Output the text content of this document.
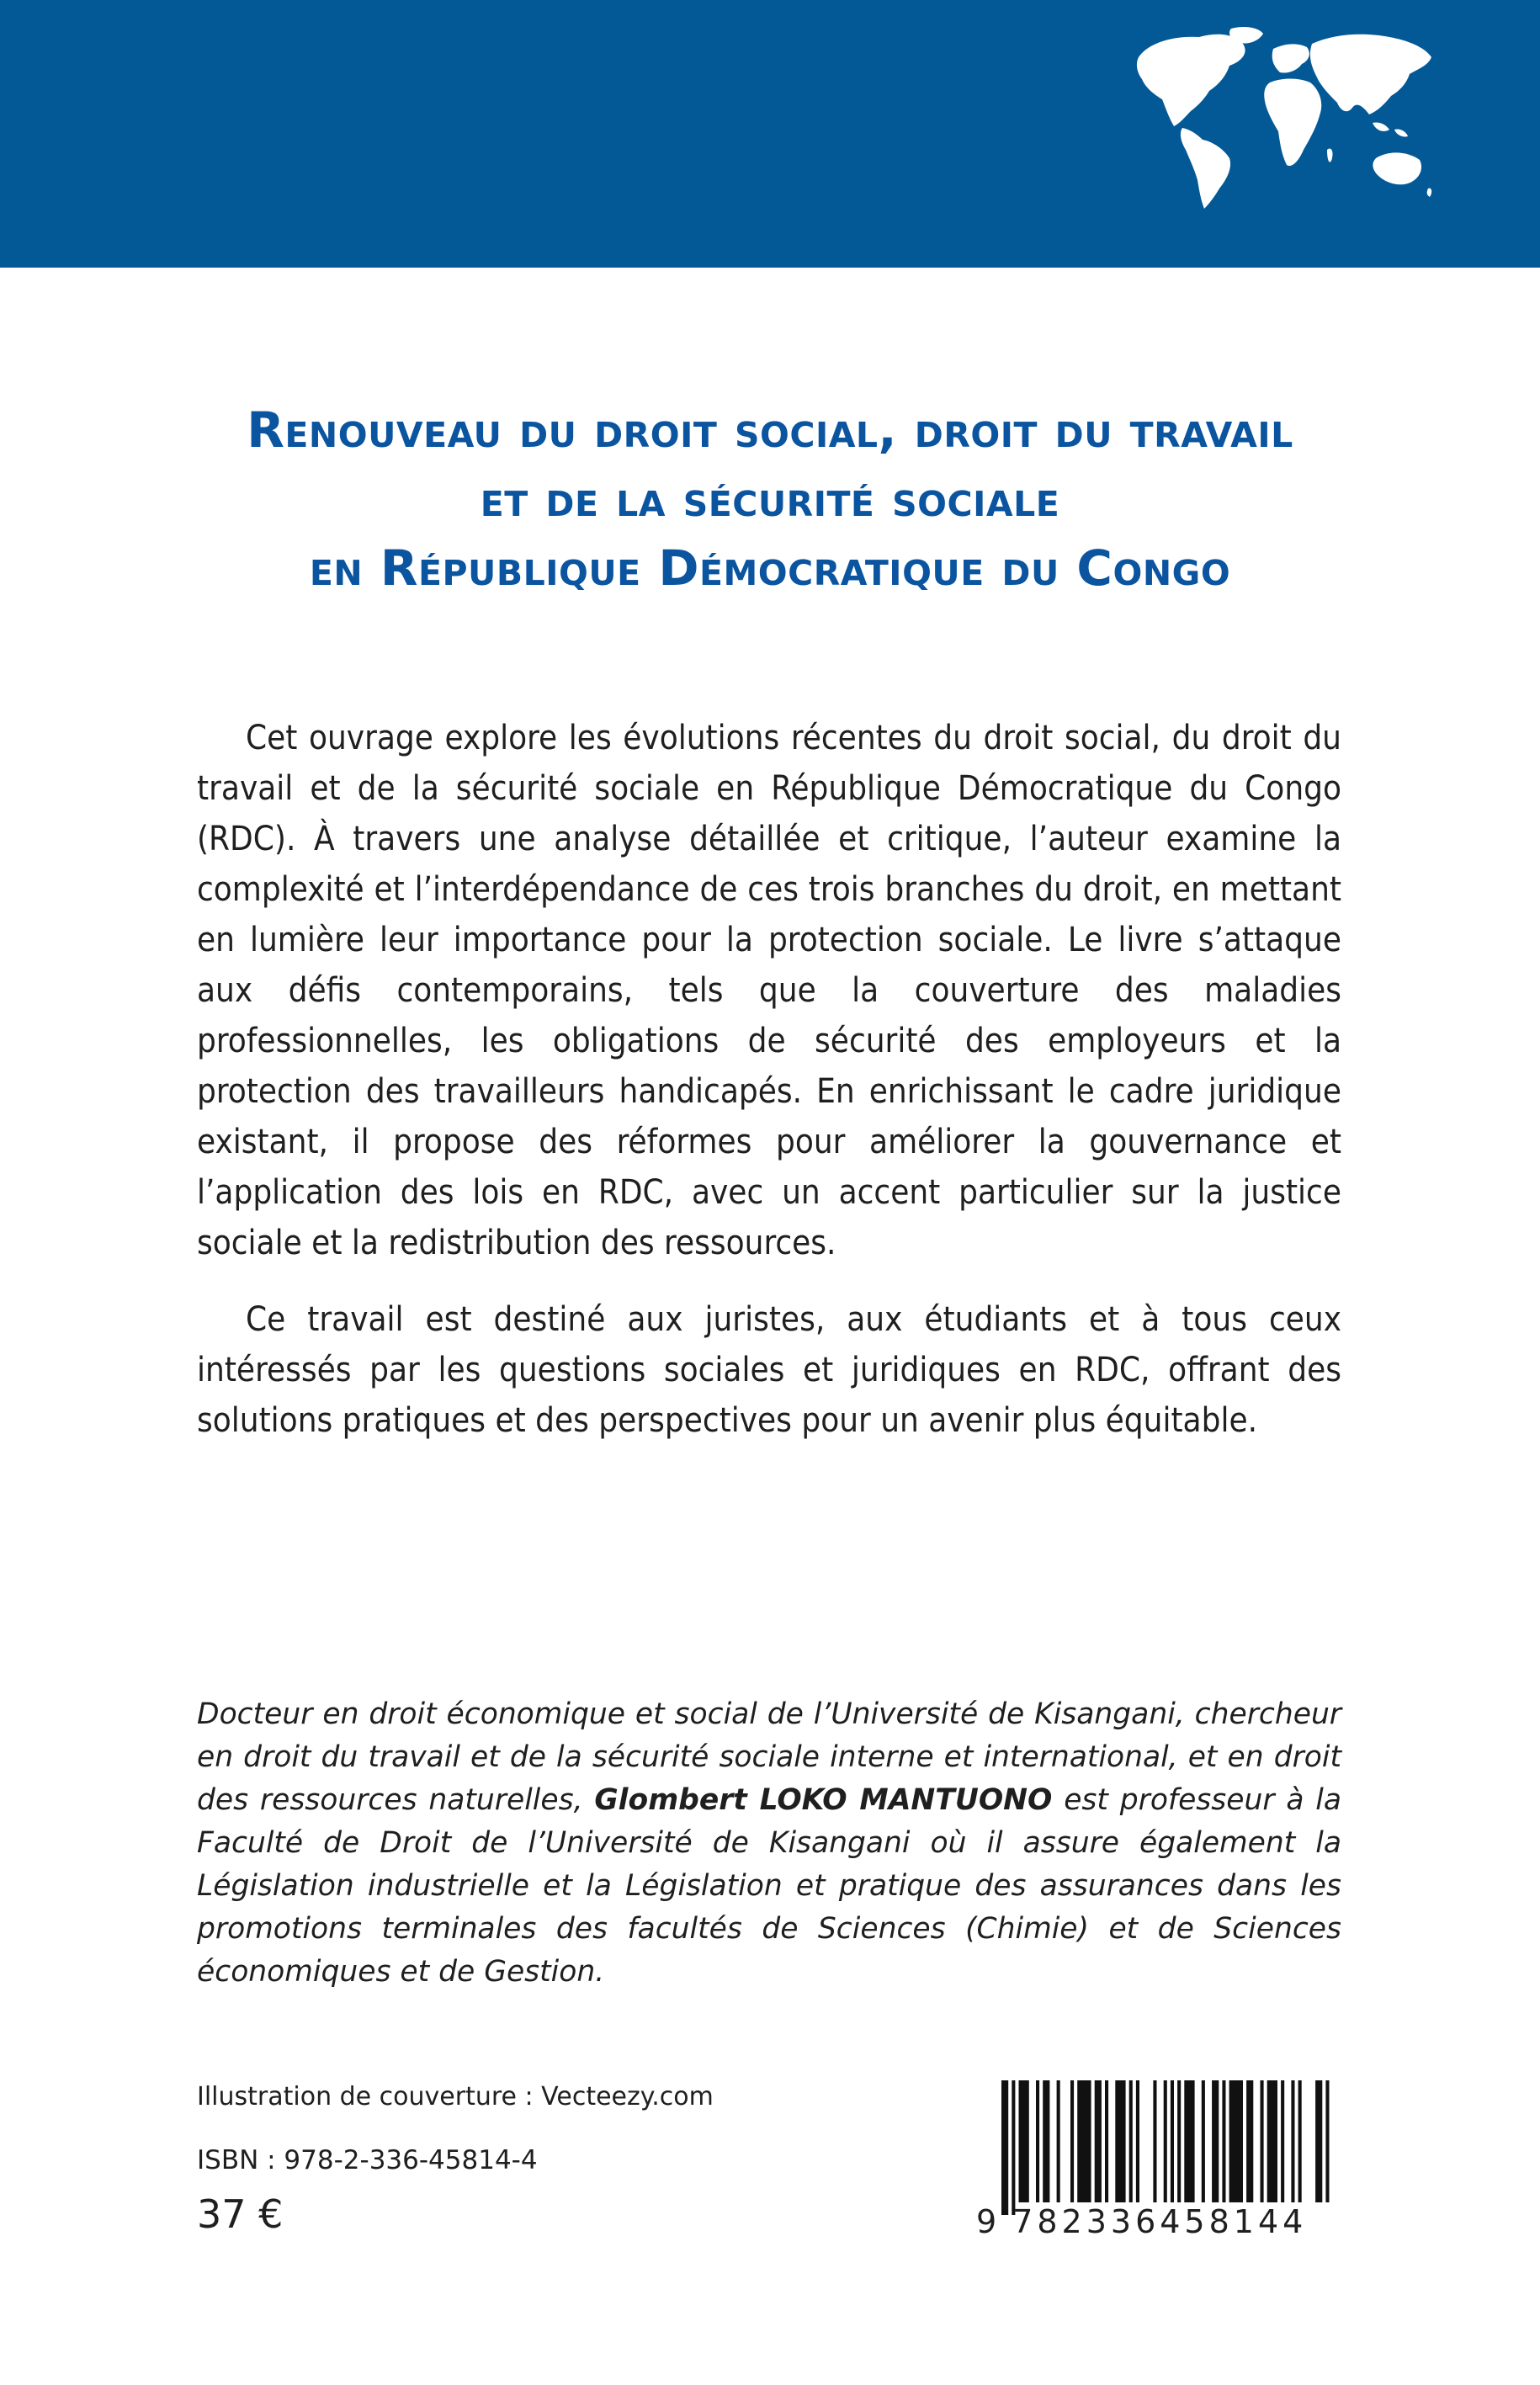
Renouveau du droit social, droit du travail
et de la sécurité sociale
en République Démocratique du Congo

Cet ouvrage explore les évolutions récentes du droit social, du droit du travail et de la sécurité sociale en République Démocratique du Congo (RDC). À travers une analyse détaillée et critique, l’auteur examine la complexité et l’interdépendance de ces trois branches du droit, en mettant en lumière leur importance pour la protection sociale. Le livre s’attaque aux défis contemporains, tels que la couverture des maladies professionnelles, les obligations de sécurité des employeurs et la protection des travailleurs handicapés. En enrichissant le cadre juridique existant, il propose des réformes pour améliorer la gouvernance et l’application des lois en RDC, avec un accent particulier sur la justice sociale et la redistribution des ressources.

Ce travail est destiné aux juristes, aux étudiants et à tous ceux intéressés par les questions sociales et juridiques en RDC, offrant des solutions pratiques et des perspectives pour un avenir plus équitable.

Docteur en droit économique et social de l’Université de Kisangani, chercheur en droit du travail et de la sécurité sociale interne et international, et en droit des ressources naturelles, Glombert LOKO MANTUONO est professeur à la Faculté de Droit de l’Université de Kisangani où il assure également la Législation industrielle et la Législation et pratique des assurances dans les promotions terminales des facultés de Sciences (Chimie) et de Sciences économiques et de Gestion.

Illustration de couverture : Vecteezy.com
ISBN : 978-2-336-45814-4
37 €	9 782336458144
